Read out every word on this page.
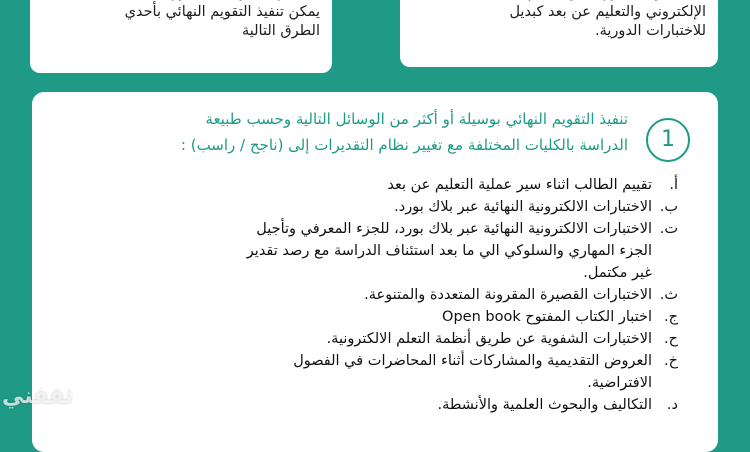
يمكن تنفيذ التقويم النهائي بأحدي
الطرق التالية
الإلكتروني والتعليم عن بعد كبديل
للاختبارات الدورية.
1
تنفيذ التقويم النهائي بوسيلة أو أكثر من الوسائل التالية وحسب طبيعة
الدراسة بالكليات المختلفة مع تغيير نظام التقديرات إلى (ناجح / راسب) :
أ.
تقييم الطالب اثناء سير عملية التعليم عن بعد
ب.
الاختبارات الالكترونية النهائية عبر بلاك بورد.
ت.
الاختبارات الالكترونية النهائية عبر بلاك بورد، للجزء المعرفي وتأجيل
الجزء المهاري والسلوكي الي ما بعد استئناف الدراسة مع رصد تقدير
غير مكتمل.
ث.
الاختبارات القصيرة المقرونة المتعددة والمتنوعة.
ج.
اختبار الكتاب المفتوح Open book
ح.
الاختبارات الشفوية عن طريق أنظمة التعلم الالكترونية.
خ.
العروض التقديمية والمشاركات أثناء المحاضرات في الفصول
الافتراضية.
د.
التكاليف والبحوث العلمية والأنشطة.
ثقفني
